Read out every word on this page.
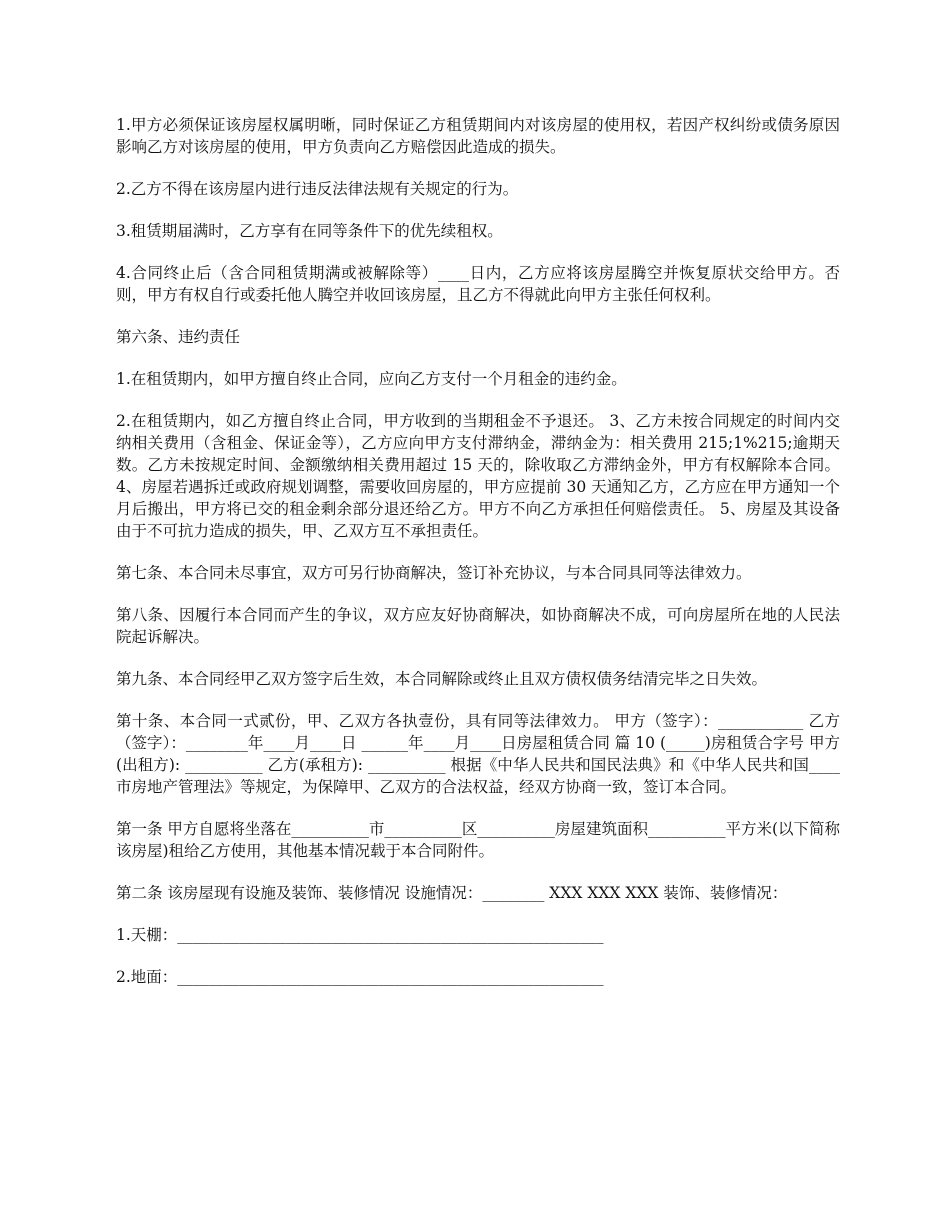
1.甲方必须保证该房屋权属明晰，同时保证乙方租赁期间内对该房屋的使用权，若因产权纠纷或债务原因影响乙方对该房屋的使用，甲方负责向乙方赔偿因此造成的损失。

2.乙方不得在该房屋内进行违反法律法规有关规定的行为。

3.租赁期届满时，乙方享有在同等条件下的优先续租权。

4.合同终止后（含合同租赁期满或被解除等）____日内，乙方应将该房屋腾空并恢复原状交给甲方。否则，甲方有权自行或委托他人腾空并收回该房屋，且乙方不得就此向甲方主张任何权利。

第六条、违约责任

1.在租赁期内，如甲方擅自终止合同，应向乙方支付一个月租金的违约金。

2.在租赁期内，如乙方擅自终止合同，甲方收到的当期租金不予退还。 3、乙方未按合同规定的时间内交纳相关费用（含租金、保证金等），乙方应向甲方支付滞纳金，滞纳金为：相关费用 215;1%215;逾期天数。乙方未按规定时间、金额缴纳相关费用超过 15 天的，除收取乙方滞纳金外，甲方有权解除本合同。 4、房屋若遇拆迁或政府规划调整，需要收回房屋的，甲方应提前 30 天通知乙方，乙方应在甲方通知一个月后搬出，甲方将已交的租金剩余部分退还给乙方。甲方不向乙方承担任何赔偿责任。 5、房屋及其设备由于不可抗力造成的损失，甲、乙双方互不承担责任。

第七条、本合同未尽事宜，双方可另行协商解决，签订补充协议，与本合同具同等法律效力。

第八条、因履行本合同而产生的争议，双方应友好协商解决，如协商解决不成，可向房屋所在地的人民法院起诉解决。

第九条、本合同经甲乙双方签字后生效，本合同解除或终止且双方债权债务结清完毕之日失效。

第十条、本合同一式贰份，甲、乙双方各执壹份，具有同等法律效力。 甲方（签字）：___________ 乙方（签字）：________年____月____日 ______年____月____日房屋租赁合同 篇 10 (_____)房租赁合字号 甲方(出租方): __________ 乙方(承租方): __________ 根据《中华人民共和国民法典》和《中华人民共和国____市房地产管理法》等规定，为保障甲、乙双方的合法权益，经双方协商一致，签订本合同。

第一条 甲方自愿将坐落在__________市__________区__________房屋建筑面积__________平方米(以下简称该房屋)租给乙方使用，其他基本情况载于本合同附件。

第二条 该房屋现有设施及装饰、装修情况 设施情况：________ XXX XXX XXX 装饰、装修情况：

1.天棚：_______________________________________________________

2.地面：_______________________________________________________
